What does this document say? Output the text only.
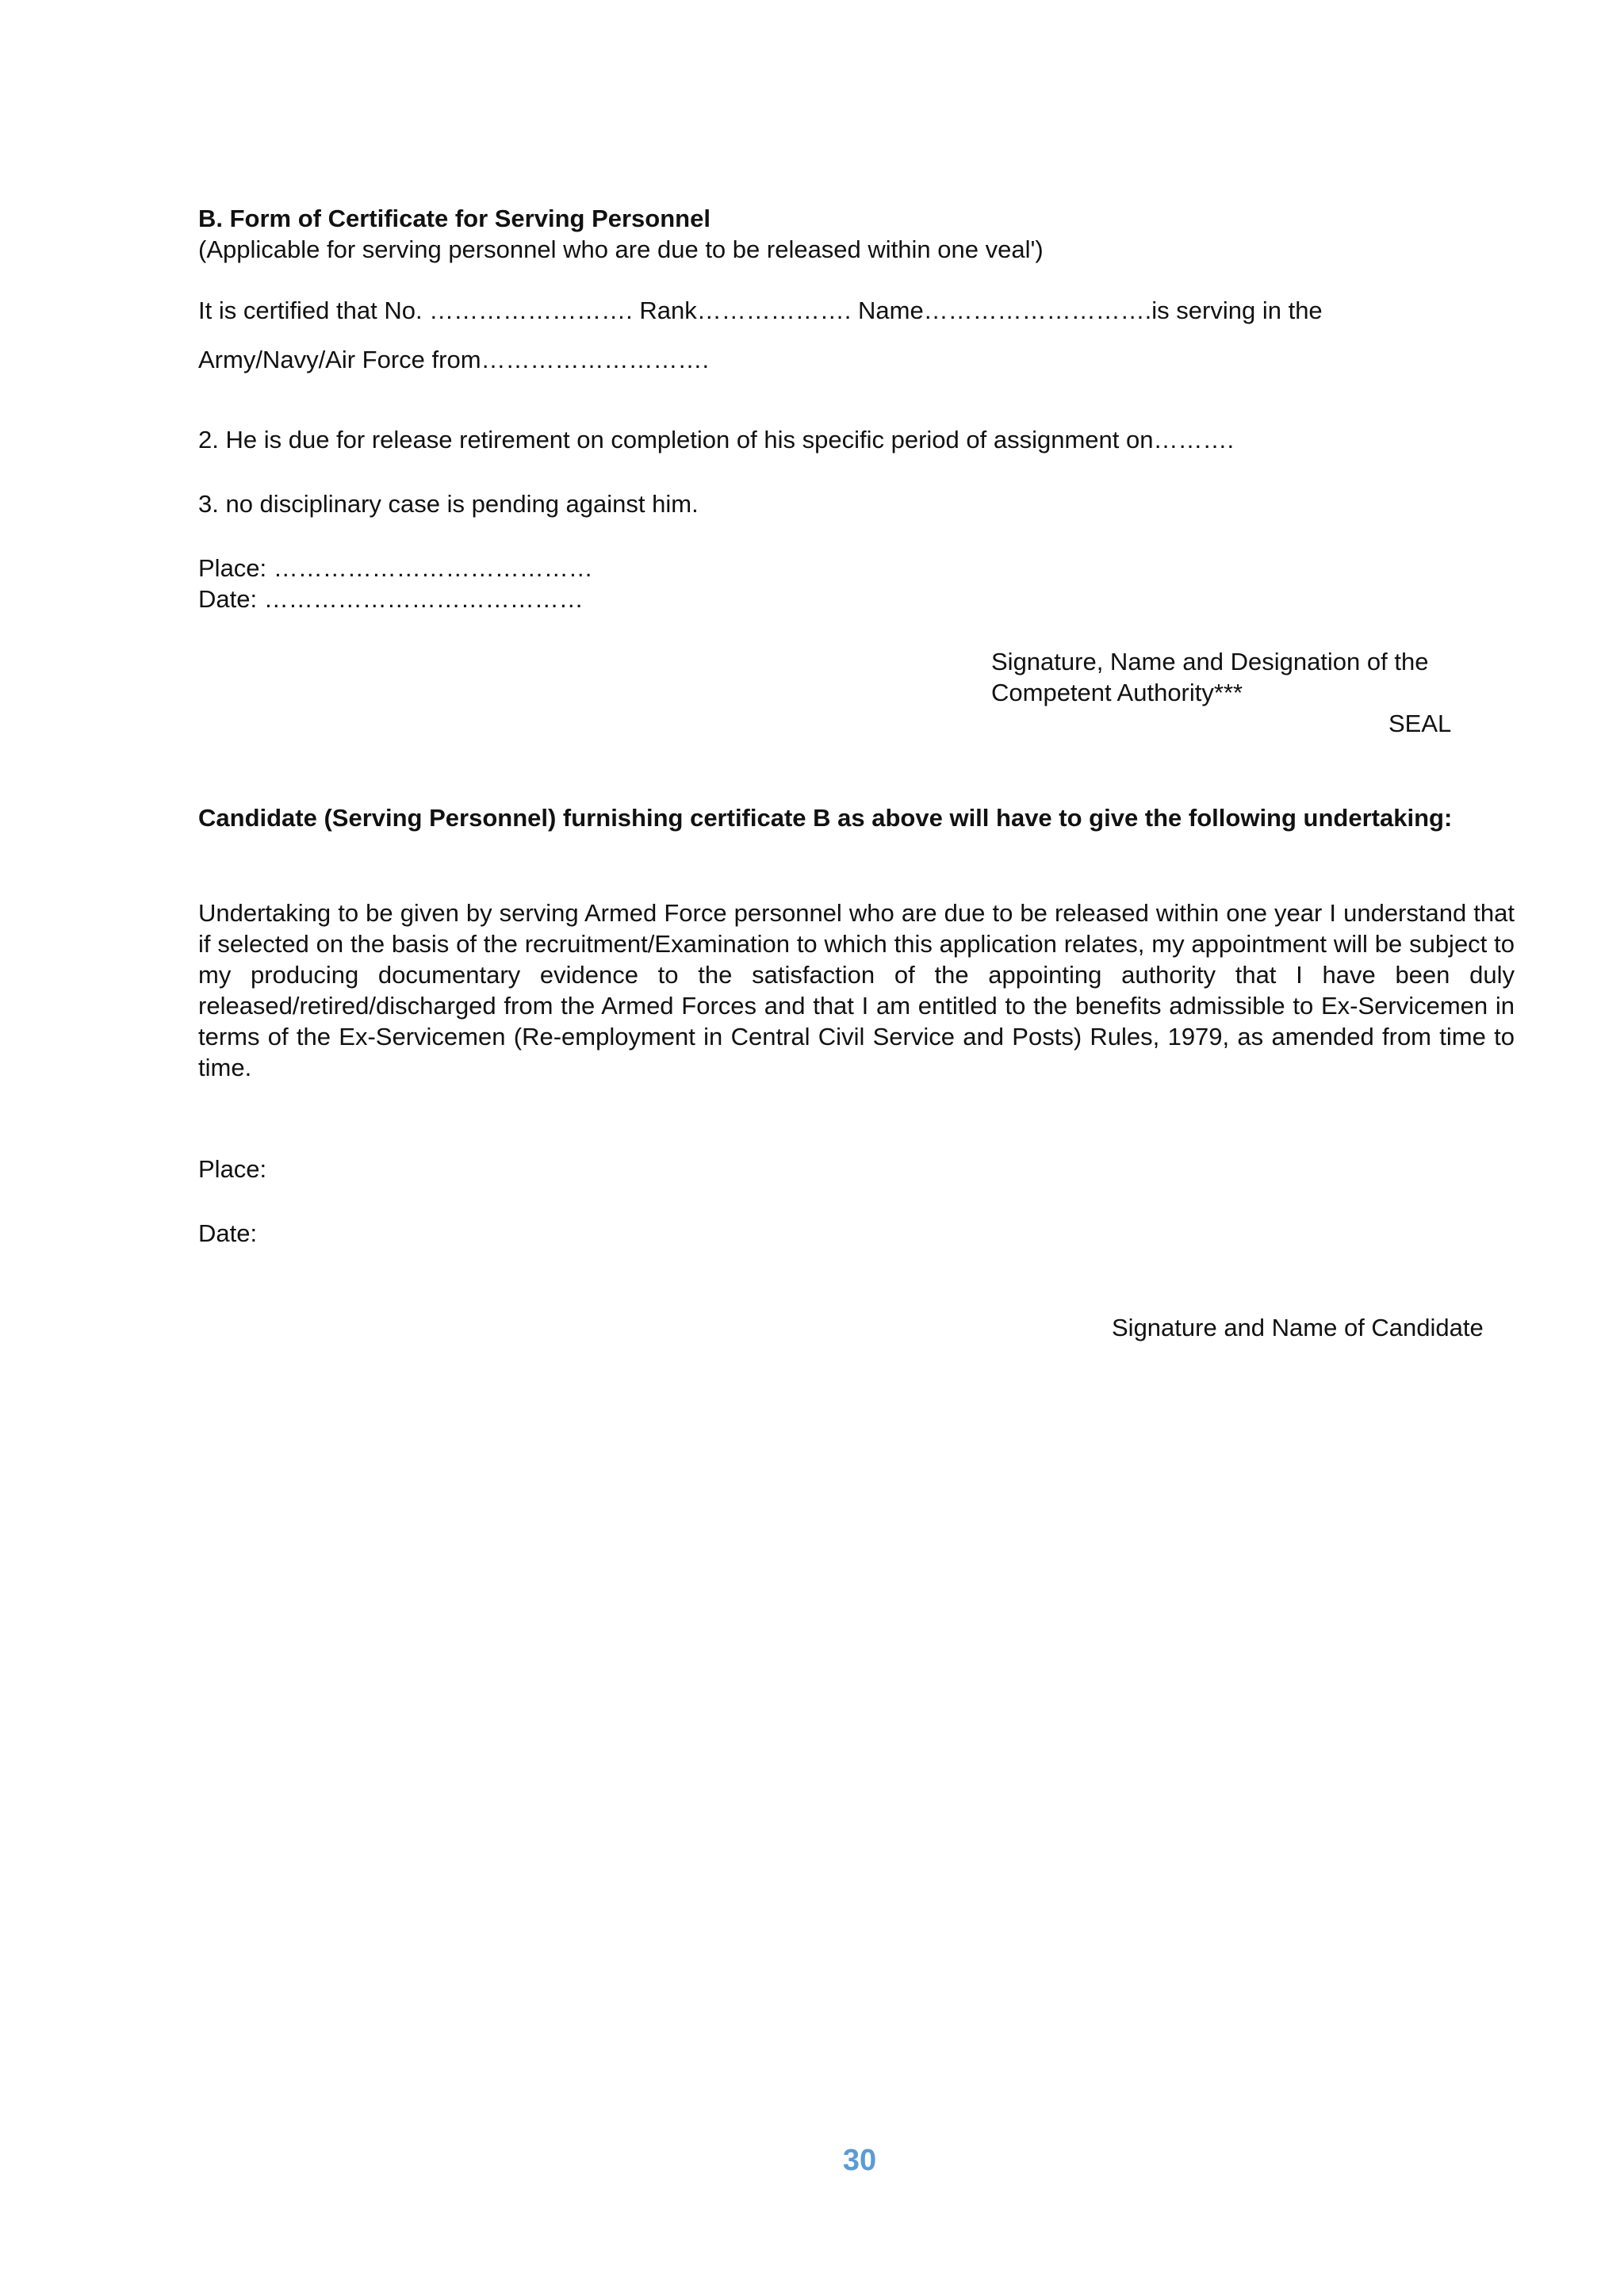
B. Form of Certificate for Serving Personnel
(Applicable for serving personnel who are due to be released within one veal')
It is certified that No. ……………………. Rank………………. Name……………………….is serving in the
Army/Navy/Air Force from……………………….
2. He is due for release retirement on completion of his specific period of assignment on……….
3. no disciplinary case is pending against him.
Place: …………………………………
Date: …………………………………
Signature, Name and Designation of the
Competent Authority***
SEAL
Candidate (Serving Personnel) furnishing certificate B as above will have to give the following undertaking:
Undertaking to be given by serving Armed Force personnel who are due to be released within one year I understand that if selected on the basis of the recruitment/Examination to which this application relates, my appointment will be subject to my producing documentary evidence to the satisfaction of the appointing authority that I have been duly released/retired/discharged from the Armed Forces and that I am entitled to the benefits admissible to Ex-Servicemen in terms of the Ex-Servicemen (Re-employment in Central Civil Service and Posts) Rules, 1979, as amended from time to time.
Place:
Date:
Signature and Name of Candidate
30
